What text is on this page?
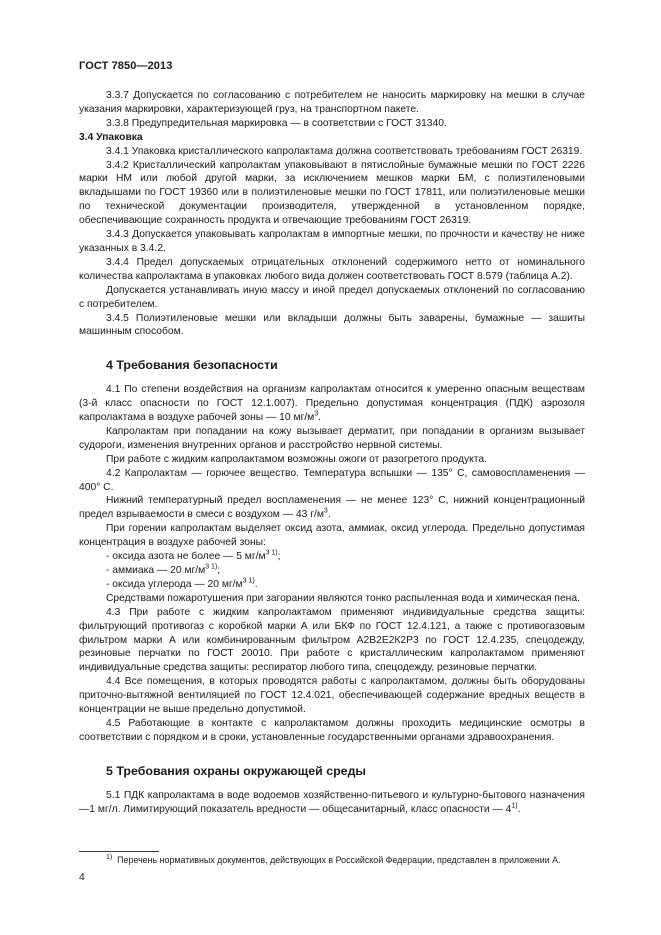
ГОСТ 7850—2013

3.3.7 Допускается по согласованию с потребителем не наносить маркировку на мешки в случае указания маркировки, характеризующей груз, на транспортном пакете.

3.3.8 Предупредительная маркировка — в соответствии с ГОСТ 31340.

3.4 Упаковка

3.4.1 Упаковка кристаллического капролактама должна соответствовать требованиям ГОСТ 26319.

3.4.2 Кристаллический капролактам упаковывают в пятислойные бумажные мешки по ГОСТ 2226 марки НМ или любой другой марки, за исключением мешков марки БМ, с полиэтиленовыми вкладышами по ГОСТ 19360 или в полиэтиленовые мешки по ГОСТ 17811, или полиэтиленовые мешки по технической документации производителя, утвержденной в установленном порядке, обеспечивающие сохранность продукта и отвечающие требованиям ГОСТ 26319.

3.4.3 Допускается упаковывать капролактам в импортные мешки, по прочности и качеству не ниже указанных в 3.4.2.

3.4.4 Предел допускаемых отрицательных отклонений содержимого нетто от номинального количества капролактама в упаковках любого вида должен соответствовать ГОСТ 8.579 (таблица А.2).

Допускается устанавливать иную массу и иной предел допускаемых отклонений по согласованию с потребителем.

3.4.5 Полиэтиленовые мешки или вкладыши должны быть заварены, бумажные — зашиты машинным способом.

4 Требования безопасности

4.1 По степени воздействия на организм капролактам относится к умеренно опасным веществам (3-й класс опасности по ГОСТ 12.1.007). Предельно допустимая концентрация (ПДК) аэрозоля капролактама в воздухе рабочей зоны — 10 $мг/м^3$.

Капролактам при попадании на кожу вызывает дерматит, при попадании в организм вызывает судороги, изменения внутренних органов и расстройство нервной системы.

При работе с жидким капролактамом возможны ожоги от разогретого продукта.

4.2 Капролактам — горючее вещество. Температура вспышки — 135° С, самовоспламенения — 400° С.

Нижний температурный предел воспламенения — не менее 123° С, нижний концентрационный предел взрываемости в смеси с воздухом — 43 $г/м^3$.

При горении капролактам выделяет оксид азота, аммиак, оксид углерода. Предельно допустимая концентрация в воздухе рабочей зоны:

- оксида азота не более — 5 $мг/м^{3 1)}$;

- аммиака — 20 $мг/м^{3 1)}$;

- оксида углерода — 20 $мг/м^{3 1)}$.

Средствами пожаротушения при загорании являются тонко распыленная вода и химическая пена.

4.3 При работе с жидким капролактамом применяют индивидуальные средства защиты: фильтрующий противогаз с коробкой марки А или БКФ по ГОСТ 12.4.121, а также с противогазовым фильтром марки А или комбинированным фильтром А2В2Е2К2Р3 по ГОСТ 12.4.235, спецодежду, резиновые перчатки по ГОСТ 20010. При работе с кристаллическим капролактамом применяют индивидуальные средства защиты: респиратор любого типа, спецодежду, резиновые перчатки.

4.4 Все помещения, в которых проводятся работы с капролактамом, должны быть оборудованы приточно-вытяжной вентиляцией по ГОСТ 12.4.021, обеспечивающей содержание вредных веществ в концентрации не выше предельно допустимой.

4.5 Работающие в контакте с капролактамом должны проходить медицинские осмотры в соответствии с порядком и в сроки, установленные государственными органами здравоохранения.

5 Требования охраны окружающей среды

5.1 ПДК капролактама в воде водоемов хозяйственно-питьевого и культурно-бытового назначения —1 мг/л. Лимитирующий показатель вредности — общесанитарный, класс опасности — 4$^{1)}$.

$^{1)}$ Перечень нормативных документов, действующих в Российской Федерации, представлен в приложении А.
4
